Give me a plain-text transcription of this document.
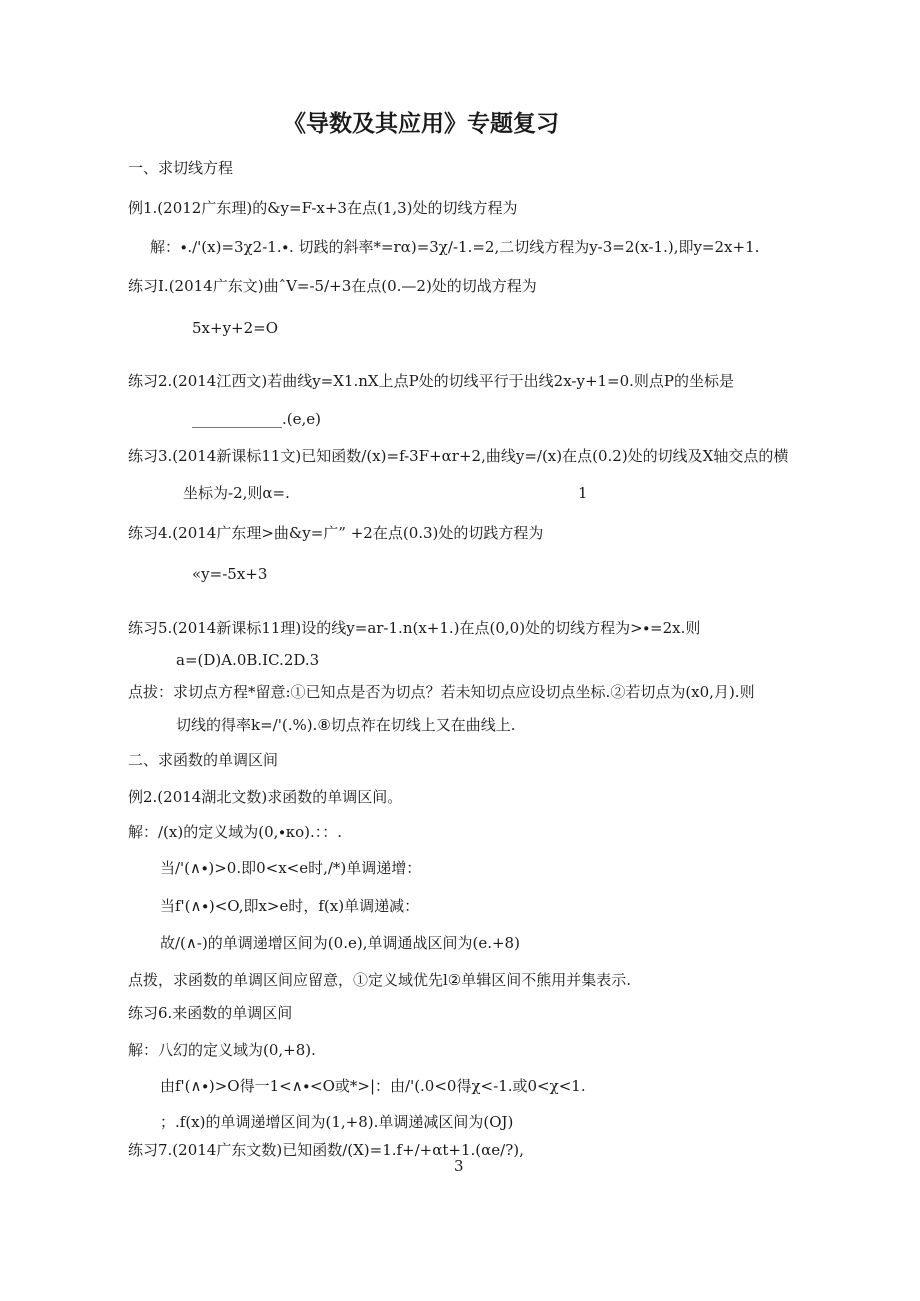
《导数及其应用》专题复习
一、求切线方程
例1.(2012广东理)的&y=F-x+3在点(1,3)处的切线方程为
解：∙.∕'(x)=3χ2-1.∙. 切践的斜率*=rα)=3χ∕-1.=2,二切线方程为y-3=2(x-1.),即y=2x+1.
练习I.(2014广东文)曲ˆV=-5/+3在点(0.—2)处的切战方程为
5x+y+2=O
练习2.(2014江西文)若曲线y=X1.nX上点P处的切线平行于出线2x-y+1=0.则点P的坐标是
____________.(e,e)
练习3.(2014新课标11文)已知函数/(x)=f-3F+αr+2,曲线y=/(x)在点(0.2)处的切线及X轴交点的横
坐标为-2,则α=.	1
练习4.(2014广东理>曲&y=广” +2在点(0.3)处的切践方程为
«y=-5x+3
练习5.(2014新课标11理)设的线y=ar-1.n(x+1.)在点(0,0)处的切线方程为>∙=2x.则
a=(D)A.0B.IC.2D.3
点拔：求切点方程*留意:①已知点是否为切点？若未知切点应设切点坐标.②若切点为(x0,月).则
切线的得率k=/'(.%).⑧切点祚在切线上又在曲线上.
二、求函数的单调区间
例2.(2014湖北文数)求函数的单调区间。
解：/(x)的定义域为(0,∙κo).：：.
当/'(∧∙)>0.即0<x<e时,/*)单调递增：
当f'(∧∙)<O,即x>e时，f(x)单调递减：
故/(∧-)的单调递增区间为(0.e),单调通战区间为(e.+8)
点拨，求函数的单调区间应留意，①定义域优先l②单辑区间不熊用并集表示.
练习6.来函数的单调区间
解：八幻的定义域为(0,+8).
由f'(∧∙)>O得一1<∧∙<O或*>|：由/'(.0<0得χ<-1.或0<χ<1.
；.f(x)的单调递增区间为(1,+8).单调递减区间为(OJ)
练习7.(2014广东文数)已知函数/(X)=1.f+/+αt+1.(αe∕?),
3
